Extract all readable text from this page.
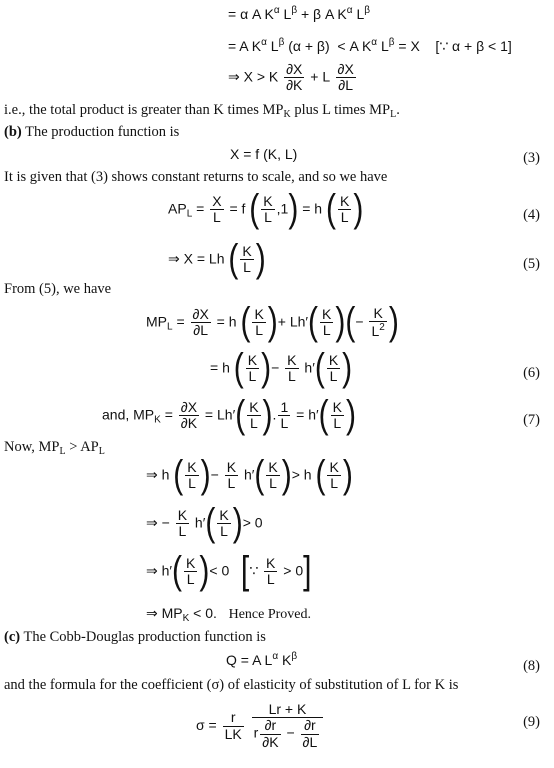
= α A $K^\alpha$ $L^\beta + \beta$ A $K^\alpha$ $L^\beta$
= A $K^\alpha$ $L^\beta$ (α + β)  < A $K^\alpha$ $L^\beta = X$    [∵ α + β < 1]
⇒ X > K $\frac{\partial X}{\partial K} + L \frac{\partial X}{\partial L}$
i.e., the total product is greater than K times $MP_K$ plus L times $MP_L$.
(b) The production function is
X = f (K, L)	(3)
It is given that (3) shows constant returns to scale, and so we have
$AP_L = \frac{X}{L} = f$ ( $\frac{K}{L} ,1) = h$ ( $\frac{K}{L}$ )	(4)
⇒ X = Lh ( $\frac{K}{L}$ )	(5)
From (5), we have
$MP_L = \frac{\partial X}{\partial L} = h$ ( $\frac{K}{L}$ )+ $Lh'( \frac{K}{L}$ )(− $\frac{K}{L^2}$ )
= h ( $\frac{K}{L}$ )− $\frac{K}{L} h'( \frac{K}{L}$ )	(6)
and, $MP_K = \frac{\partial X}{\partial K} = Lh'( \frac{K}{L}$ ). $\frac{1}{L} = h'( \frac{K}{L}$ )	(7)
Now, $MP_L > AP_L$
⇒ h ( $\frac{K}{L}$ )− $\frac{K}{L} h'( \frac{K}{L}$ )> h ( $\frac{K}{L}$ )
⇒ − $\frac{K}{L} h'( \frac{K}{L}$ )> 0
⇒ $h'( \frac{K}{L}$ )< 0   [∵ $\frac{K}{L} > 0$]
⇒ $MP_K < 0$.   Hence Proved.
(c) The Cobb-Douglas production function is
Q = A $L^\alpha$ $K^\beta$
(8)
and the formula for the coefficient (σ) of elasticity of substitution of L for K is
$\sigma = \frac{r}{LK}$
$\frac{Lr + K}{r \frac{\partial r}{\partial K} - \frac{\partial r}{\partial L}}$	(9)
